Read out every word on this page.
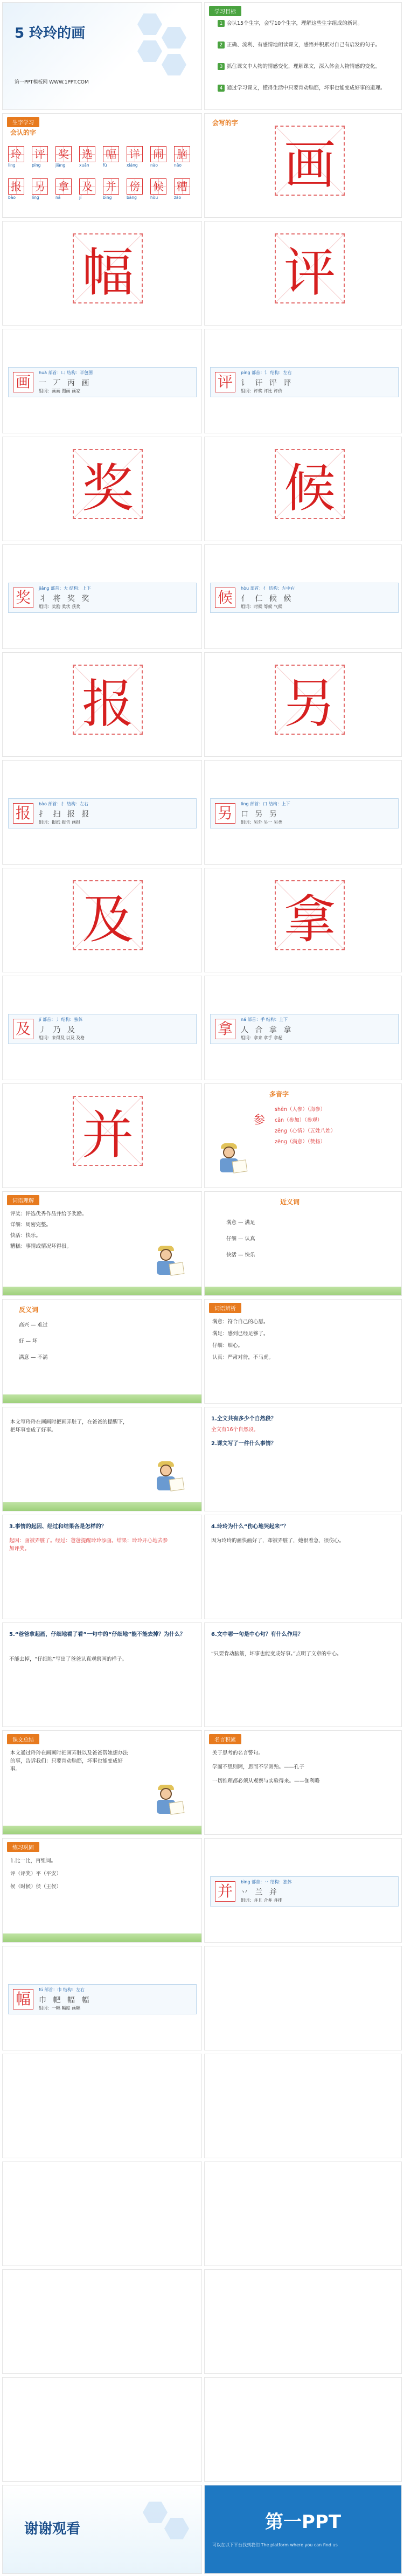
5 玲玲的画
第一PPT模板网 WWW.1PPT.COM
学习目标
1 会认15个生字，会写10个生字，理解这些生字组成的新词。
2 正确、流利、有感情地朗读课文，感悟并积累对自己有启发的句子。
3 抓住课文中人物的情感变化，理解课文，深入体会人物情感的变化。
4 通过学习课文，懂得生活中只要肯动脑筋，坏事也能变成好事的道理。
生字学习
会认的字
玲 评 奖 选 幅 详 闹 脑
líng	píng	jiǎng	xuǎn	fú	xiáng	nào	nǎo
报 另 拿 及 并 傍 候 糟
bào	lìng	ná	jí	bìng	bàng	hòu	zāo
会写的字
画
幅	评
画
huà 部首：凵 结构：半包围
一 丆 丙 画
组词：画画 图画 画家
评
píng 部首：讠 结构：左右
讠 讦 评 评
组词：评奖 评比 评价
奖	候
奖
jiǎng 部首：大 结构：上下
丬 将 奖 奖
组词：奖励 奖状 获奖
候
hòu 部首：亻 结构：左中右
亻 仁 候 候
组词：时候 等候 气候
报	另
报
bào 部首：扌 结构：左右
扌 扫 报 报
组词：报纸 报告 画报
另
lìng 部首：口 结构：上下
口 另 另
组词：另外 另一 另类
及	拿
及
jí 部首：丿 结构：独体
丿 乃 及
组词：来得及 以及 及格
拿
ná 部首：手 结构：上下
人 合 拿 拿
组词：拿来 拿手 拿起
并
多音字
参
shēn（人参）（海参）
cān（参加）（参观）
zēng（心情）（五姓八姓）
zēng（满意）（赞扬）
词语理解
评奖：评选优秀作品并给予奖励。
详细：周密完整。
快活：快乐。
糟糕：事情或情况坏得很。
近义词
满意 — 满足
仔细 — 认真
快活 — 快乐
反义词
高兴 — 难过
好 — 坏
满意 — 不满
词语辨析
满意：符合自己的心愿。
满足：感到已经足够了。
仔细：细心。
认真：严肃对待，不马虎。
本文写玲玲在画画时把画弄脏了，在爸爸的提醒下，把坏事变成了好事。
1.全文共有多少个自然段？
全文有16个自然段。
2.课文写了一件什么事情？
3.事情的起因、经过和结果各是怎样的？
起因：画被弄脏了。经过：爸爸提醒玲玲添画。结果：玲玲开心地去参加评奖。
4.玲玲为什么“伤心地哭起来”？
因为玲玲的画快画好了，却被弄脏了，她很着急，很伤心。
5.“爸爸拿起画，仔细地看了看”一句中的“仔细地”能不能去掉？为什么？
不能去掉，“仔细地”写出了爸爸认真观察画的样子。
6.文中哪一句是中心句？有什么作用？
“只要肯动脑筋，坏事也能变成好事。”点明了文章的中心。
课文总结
本文通过玲玲在画画时把画弄脏以及爸爸帮她想办法的事，告诉我们：只要肯动脑筋，坏事也能变成好事。
名言积累
关于思考的名言警句。
学而不思则罔，思而不学则殆。——孔子
一切推理都必须从观察与实验得来。——伽利略
练习巩固
1.比一比，再组词。
评（评奖）平（平安）
候（时候）侯（王侯）	并
bìng 部首：丷 结构：独体
丷 兰 并
组词：并且 合并 并排
幅
fú 部首：巾 结构：左右
巾 帊 幅 幅
组词：一幅 幅度 画幅
谢谢观看	第一PPT
可以在以下平台找到我们 The platform where you can find us
